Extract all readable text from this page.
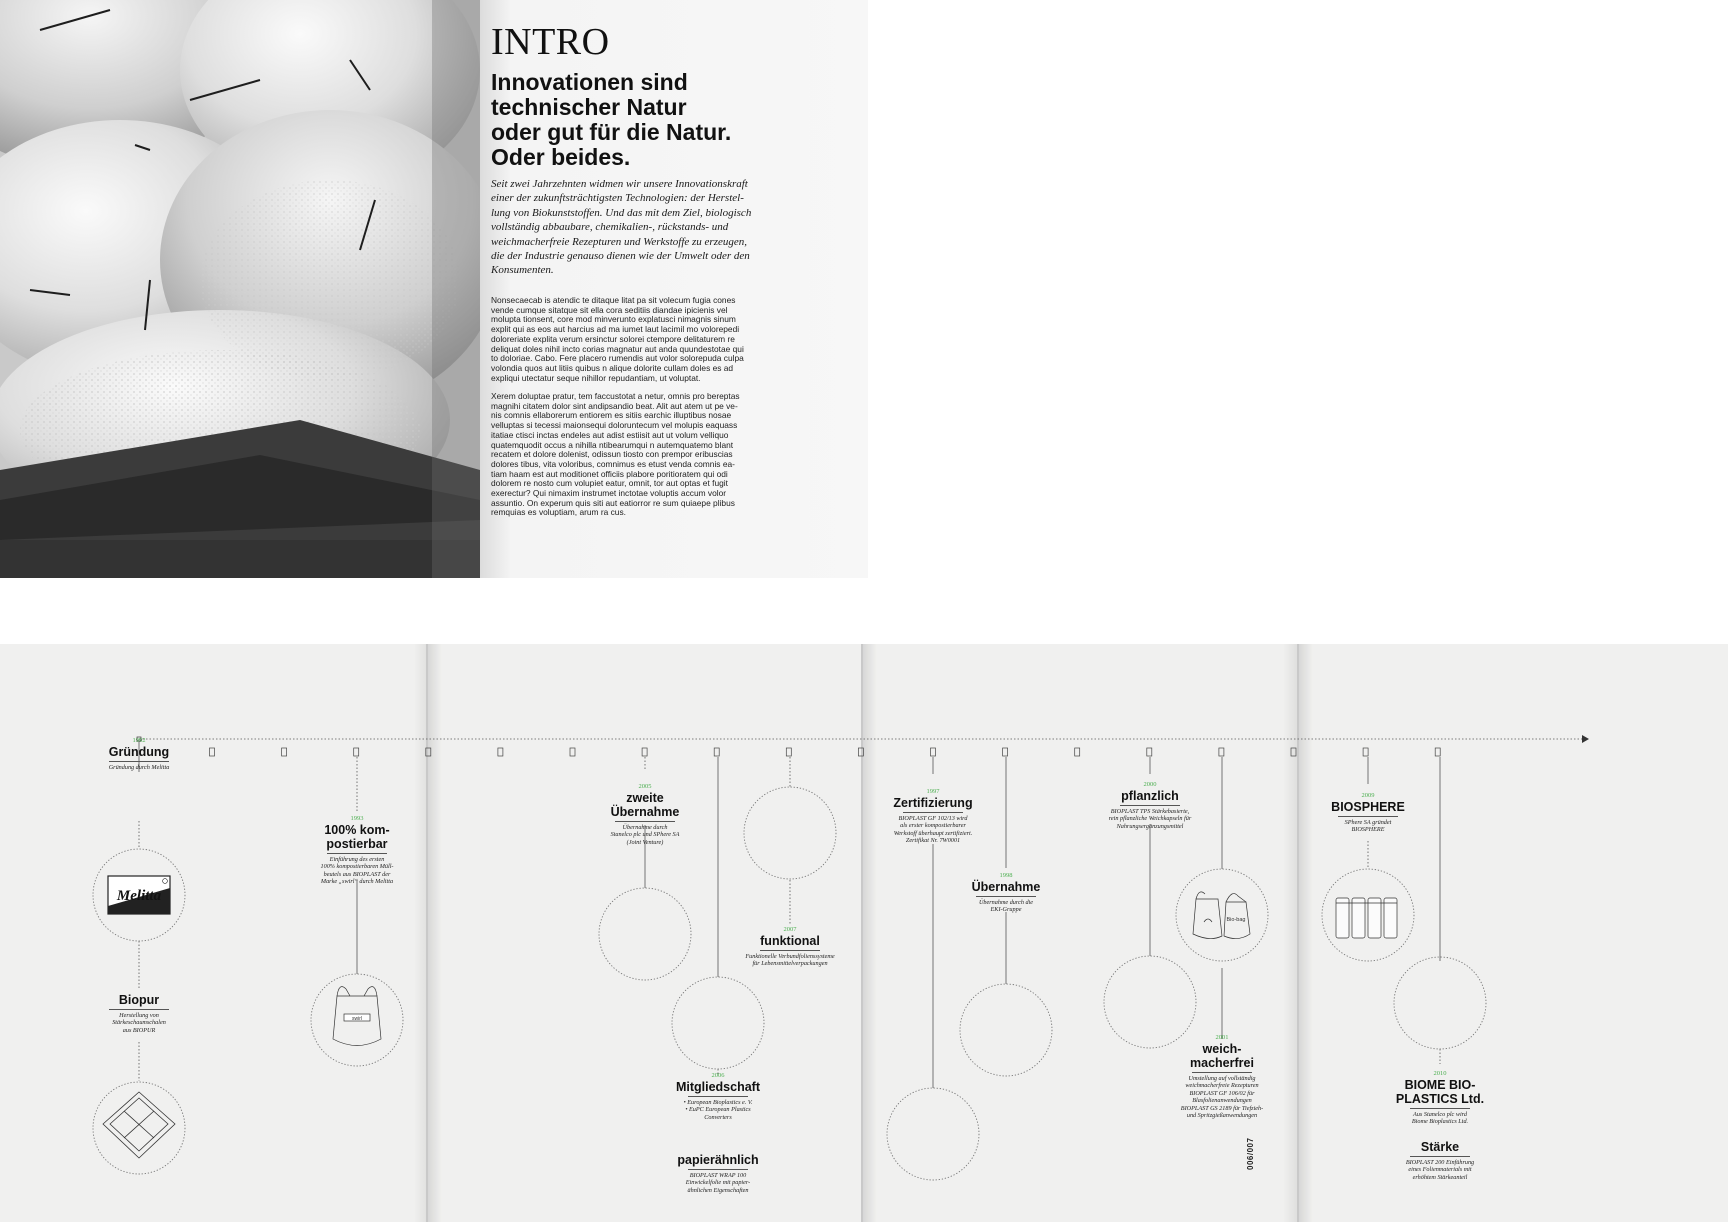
INTRO
Innovationen sind
technischer Natur
oder gut für die Natur.
Oder beides.
Seit zwei Jahrzehnten widmen wir unsere Innovationskraft
einer der zukunftsträchtigsten Technologien: der Herstel-
lung von Biokunststoffen. Und das mit dem Ziel, biologisch
vollständig abbaubare, chemikalien-, rückstands- und
weichmacherfreie Rezepturen und Werkstoffe zu erzeugen,
die der Industrie genauso dienen wie der Umwelt oder den
Konsumenten.
Nonsecaecab is atendic te ditaque litat pa sit volecum fugia cones
vende cumque sitatque sit ella cora seditiis diandae ipicienis vel
molupta tionsent, core mod minverunto explatusci nimagnis sinum
explit qui as eos aut harcius ad ma iumet laut lacimil mo volorepedi
doloreriate explita verum ersinctur solorei ctempore delitaturem re
deliquat doles nihil incto corias magnatur aut anda quundestotae qui
to doloriae. Cabo. Fere placero rumendis aut volor solorepuda culpa
volondia quos aut litiis quibus n alique dolorite cullam doles es ad
expliqui utectatur seque nihillor repudantiam, ut voluptat.
Xerem doluptae pratur, tem faccustotat a netur, omnis pro bereptas
magnihi citatem dolor sint andipsandio beat. Alit aut atem ut pe ve-
nis comnis ellaborerum entiorem es sitiis earchic illuptibus nosae
velluptas si tecessi maionsequi doloruntecum vel molupis eaquass
itatiae ctisci inctas endeles aut adist estiisit aut ut volum velliquo
quatemquodit occus a nihilla ntibearumqui n autemquatemo blant
recatem et dolore dolenist, odissun tiosto con prempor eribuscias
dolores tibus, vita voloribus, comnimus es etust venda comnis ea-
tiam haam est aut moditionet officiis plabore poritioratem qui odi
dolorem re nosto cum volupiet eatur, omnit, tor aut optas et fugit
exerectur? Qui nimaxim instrumet inctotae voluptis accum volor
assuntio. On experum quis siti aut eatiorror re sum quiaepe plibus
remquias es voluptiam, arum ra cus.
Melitta
swirl
Bio-bag
1992
Gründung
Gründung durch Melitta
Biopur
Herstellung von
Stärkeschaumschalen
aus BIOPUR
1993
100% kom-
postierbar
Einführung des ersten
100% kompostierbaren Müll-
beutels aus BIOPLAST der
Marke „swirl“ durch Melitta
2005
zweite
Übernahme
Übernahme durch
Stanelco plc und SPhere SA
(Joint Venture)
2007
funktional
Funktionelle Verbundfolienssysteme
für Lebensmittelverpackungen
2006
Mitgliedschaft
• European Bioplastics e. V.
• EuPC European Plastics
Converters
papierähnlich
BIOPLAST WRAP 100
Einwickelfolie mit papier-
ähnlichen Eigenschaften
1997
Zertifizierung
BIOPLAST GF 102/13 wird
als erster kompostierbarer
Werkstoff überhaupt zertifiziert.
Zertifikat Nr. 7W0001
1998
Übernahme
Übernahme durch die
EKI-Gruppe
2000
pflanzlich
BIOPLAST TPS Stärkebasierte,
rein pflanzliche Weichkapseln für
Nahrungsergänzungsmittel
2001
weich-
macherfrei
Umstellung auf vollständig
weichmacherfreie Rezepturen
BIOPLAST GF 106/02 für
Blasfolienanwendungen
BIOPLAST GS 2189 für Tiefzieh-
und Spritzgießanwendungen
2009
BIOSPHERE
SPhere SA gründet
BIOSPHERE
2010
BIOME BIO-
PLASTICS Ltd.
Aus Stanelco plc wird
Biome Bioplastics Ltd.
Stärke
BIOPLAST 200 Einführung
eines Folienmaterials mit
erhöhtem Stärkeanteil
006/007
